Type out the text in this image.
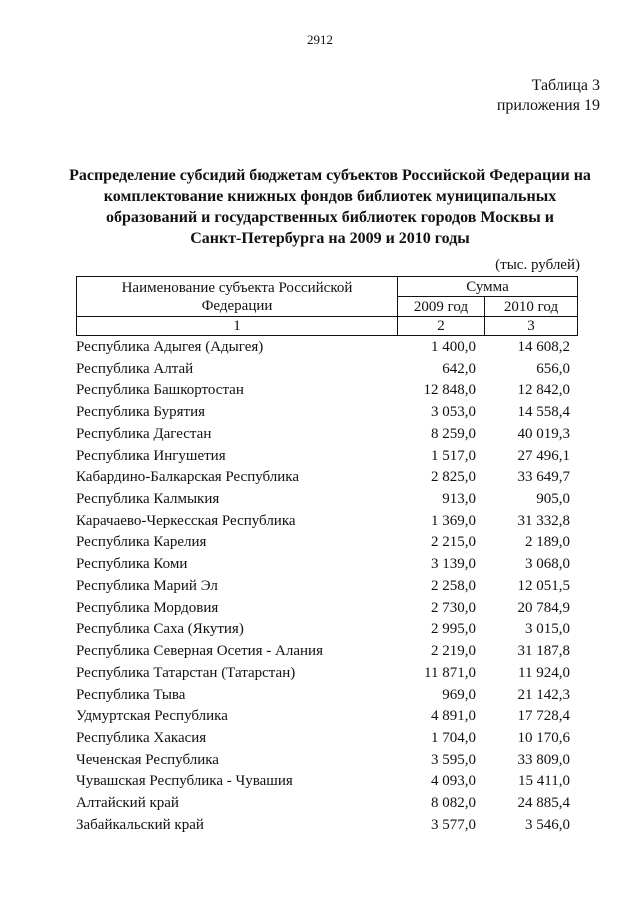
2912
Таблица 3
приложения 19
Распределение субсидий бюджетам субъектов Российской Федерации на
комплектование книжных фондов библиотек муниципальных
образований и государственных библиотек городов Москвы и
Санкт-Петербурга на 2009 и 2010 годы
(тыс. рублей)
Наименование субъекта Российской
Федерации	Сумма	
	2009 год	2010 год
1	2	3
Республика Адыгея (Адыгея)	1 400,0	14 608,2
Республика Алтай	642,0	656,0
Республика Башкортостан	12 848,0	12 842,0
Республика Бурятия	3 053,0	14 558,4
Республика Дагестан	8 259,0	40 019,3
Республика Ингушетия	1 517,0	27 496,1
Кабардино-Балкарская Республика	2 825,0	33 649,7
Республика Калмыкия	913,0	905,0
Карачаево-Черкесская Республика	1 369,0	31 332,8
Республика Карелия	2 215,0	2 189,0
Республика Коми	3 139,0	3 068,0
Республика Марий Эл	2 258,0	12 051,5
Республика Мордовия	2 730,0	20 784,9
Республика Саха (Якутия)	2 995,0	3 015,0
Республика Северная Осетия - Алания	2 219,0	31 187,8
Республика Татарстан (Татарстан)	11 871,0	11 924,0
Республика Тыва	969,0	21 142,3
Удмуртская Республика	4 891,0	17 728,4
Республика Хакасия	1 704,0	10 170,6
Чеченская Республика	3 595,0	33 809,0
Чувашская Республика - Чувашия	4 093,0	15 411,0
Алтайский край	8 082,0	24 885,4
Забайкальский край	3 577,0	3 546,0
